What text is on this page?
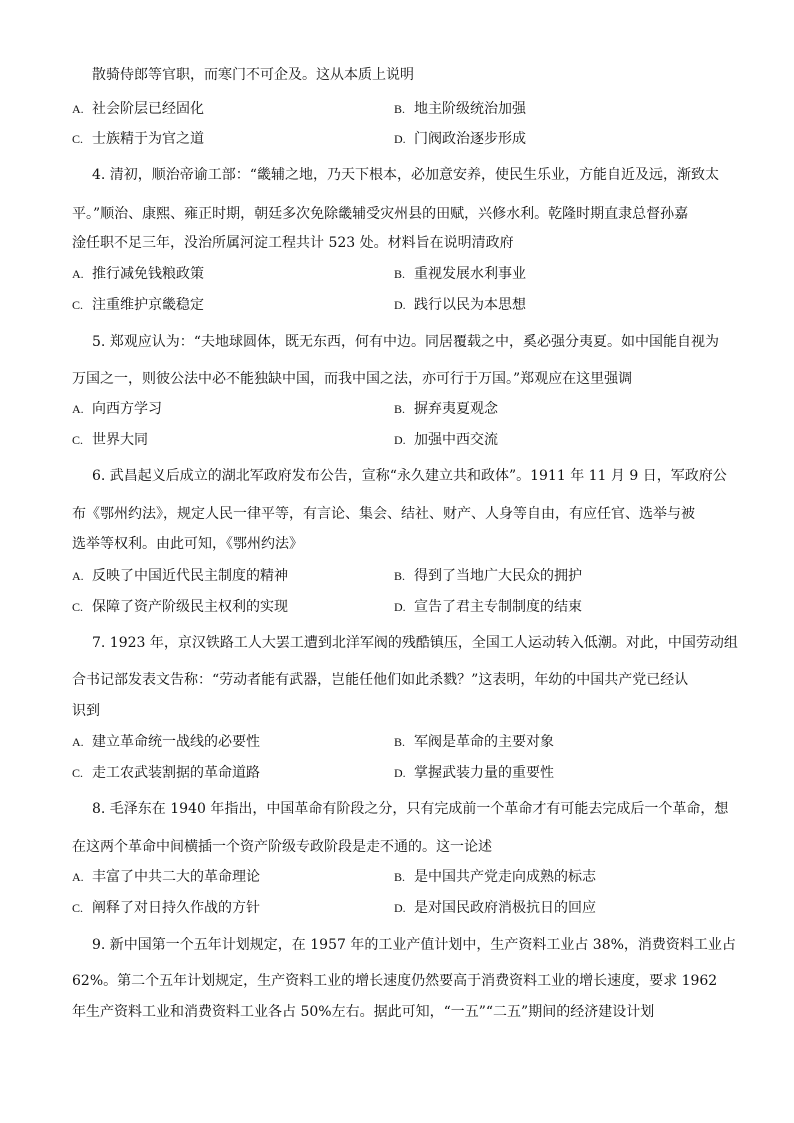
散骑侍郎等官职，而寒门不可企及。这从本质上说明
A. 社会阶层已经固化	B. 地主阶级统治加强
C. 士族精于为官之道	D. 门阀政治逐步形成
4. 清初，顺治帝谕工部：“畿辅之地，乃天下根本，必加意安养，使民生乐业，方能自近及远，渐致太
平。”顺治、康熙、雍正时期，朝廷多次免除畿辅受灾州县的田赋，兴修水利。乾隆时期直隶总督孙嘉
淦任职不足三年，没治所属河淀工程共计 523 处。材料旨在说明清政府
A. 推行减免钱粮政策	B. 重视发展水利事业
C. 注重维护京畿稳定	D. 践行以民为本思想
5. 郑观应认为：“夫地球圆体，既无东西，何有中边。同居覆载之中，奚必强分夷夏。如中国能自视为
万国之一，则彼公法中必不能独缺中国，而我中国之法，亦可行于万国。”郑观应在这里强调
A. 向西方学习	B. 摒弃夷夏观念
C. 世界大同	D. 加强中西交流
6. 武昌起义后成立的湖北军政府发布公告，宣称“永久建立共和政体”。1911 年 11 月 9 日，军政府公
布《鄂州约法》，规定人民一律平等，有言论、集会、结社、财产、人身等自由，有应任官、选举与被
选举等权利。由此可知，《鄂州约法》
A. 反映了中国近代民主制度的精神	B. 得到了当地广大民众的拥护
C. 保障了资产阶级民主权利的实现	D. 宣告了君主专制制度的结束
7. 1923 年，京汉铁路工人大罢工遭到北洋军阀的残酷镇压，全国工人运动转入低潮。对此，中国劳动组
合书记部发表文告称：“劳动者能有武器，岂能任他们如此杀戮？”这表明，年幼的中国共产党已经认
识到
A. 建立革命统一战线的必要性	B. 军阀是革命的主要对象
C. 走工农武装割据的革命道路	D. 掌握武装力量的重要性
8. 毛泽东在 1940 年指出，中国革命有阶段之分，只有完成前一个革命才有可能去完成后一个革命，想
在这两个革命中间横插一个资产阶级专政阶段是走不通的。这一论述
A. 丰富了中共二大的革命理论	B. 是中国共产党走向成熟的标志
C. 阐释了对日持久作战的方针	D. 是对国民政府消极抗日的回应
9. 新中国第一个五年计划规定，在 1957 年的工业产值计划中，生产资料工业占 38%，消费资料工业占
62%。第二个五年计划规定，生产资料工业的增长速度仍然要高于消费资料工业的增长速度，要求 1962
年生产资料工业和消费资料工业各占 50%左右。据此可知，“一五”“二五”期间的经济建设计划
